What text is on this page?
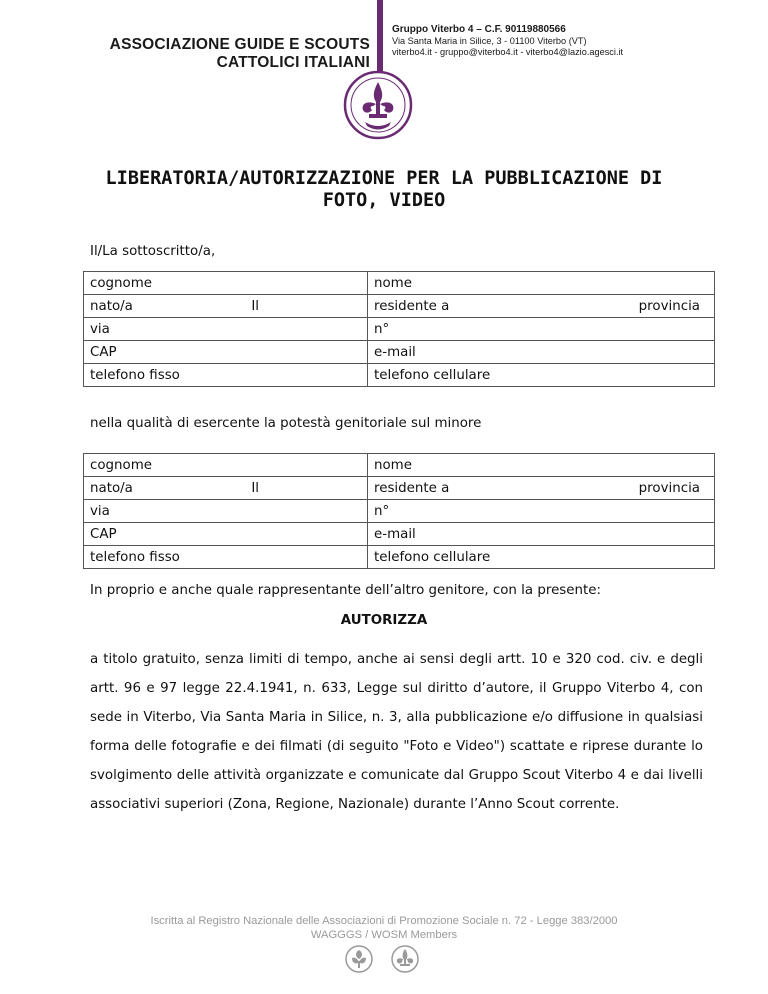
ASSOCIAZIONE GUIDE E SCOUTS
CATTOLICI ITALIANI
Gruppo Viterbo 4 – C.F. 90119880566
Via Santa Maria in Silice, 3 - 01100 Viterbo (VT)
viterbo4.it - gruppo@viterbo4.it - viterbo4@lazio.agesci.it
LIBERATORIA/AUTORIZZAZIONE PER LA PUBBLICAZIONE DI
FOTO, VIDEO
Il/La sottoscritto/a,
cognome	nome

nato/a Il	residente a provincia

via	n°
CAP	e-mail
telefono fisso	telefono cellulare
nella qualità di esercente la potestà genitoriale sul minore
cognome	nome

nato/a Il	residente a provincia

via	n°
CAP	e-mail
telefono fisso	telefono cellulare
In proprio e anche quale rappresentante dell’altro genitore, con la presente:
AUTORIZZA
a titolo gratuito, senza limiti di tempo, anche ai sensi degli artt. 10 e 320 cod. civ. e degli artt. 96 e 97 legge 22.4.1941, n. 633, Legge sul diritto d’autore, il Gruppo Viterbo 4, con sede in Viterbo, Via Santa Maria in Silice, n. 3, alla pubblicazione e/o diffusione in qualsiasi forma delle fotografie e dei filmati (di seguito "Foto e Video") scattate e riprese durante lo svolgimento delle attività organizzate e comunicate dal Gruppo Scout Viterbo 4 e dai livelli associativi superiori (Zona, Regione, Nazionale) durante l’Anno Scout corrente.
Iscritta al Registro Nazionale delle Associazioni di Promozione Sociale n. 72 - Legge 383/2000
WAGGGS / WOSM Members
